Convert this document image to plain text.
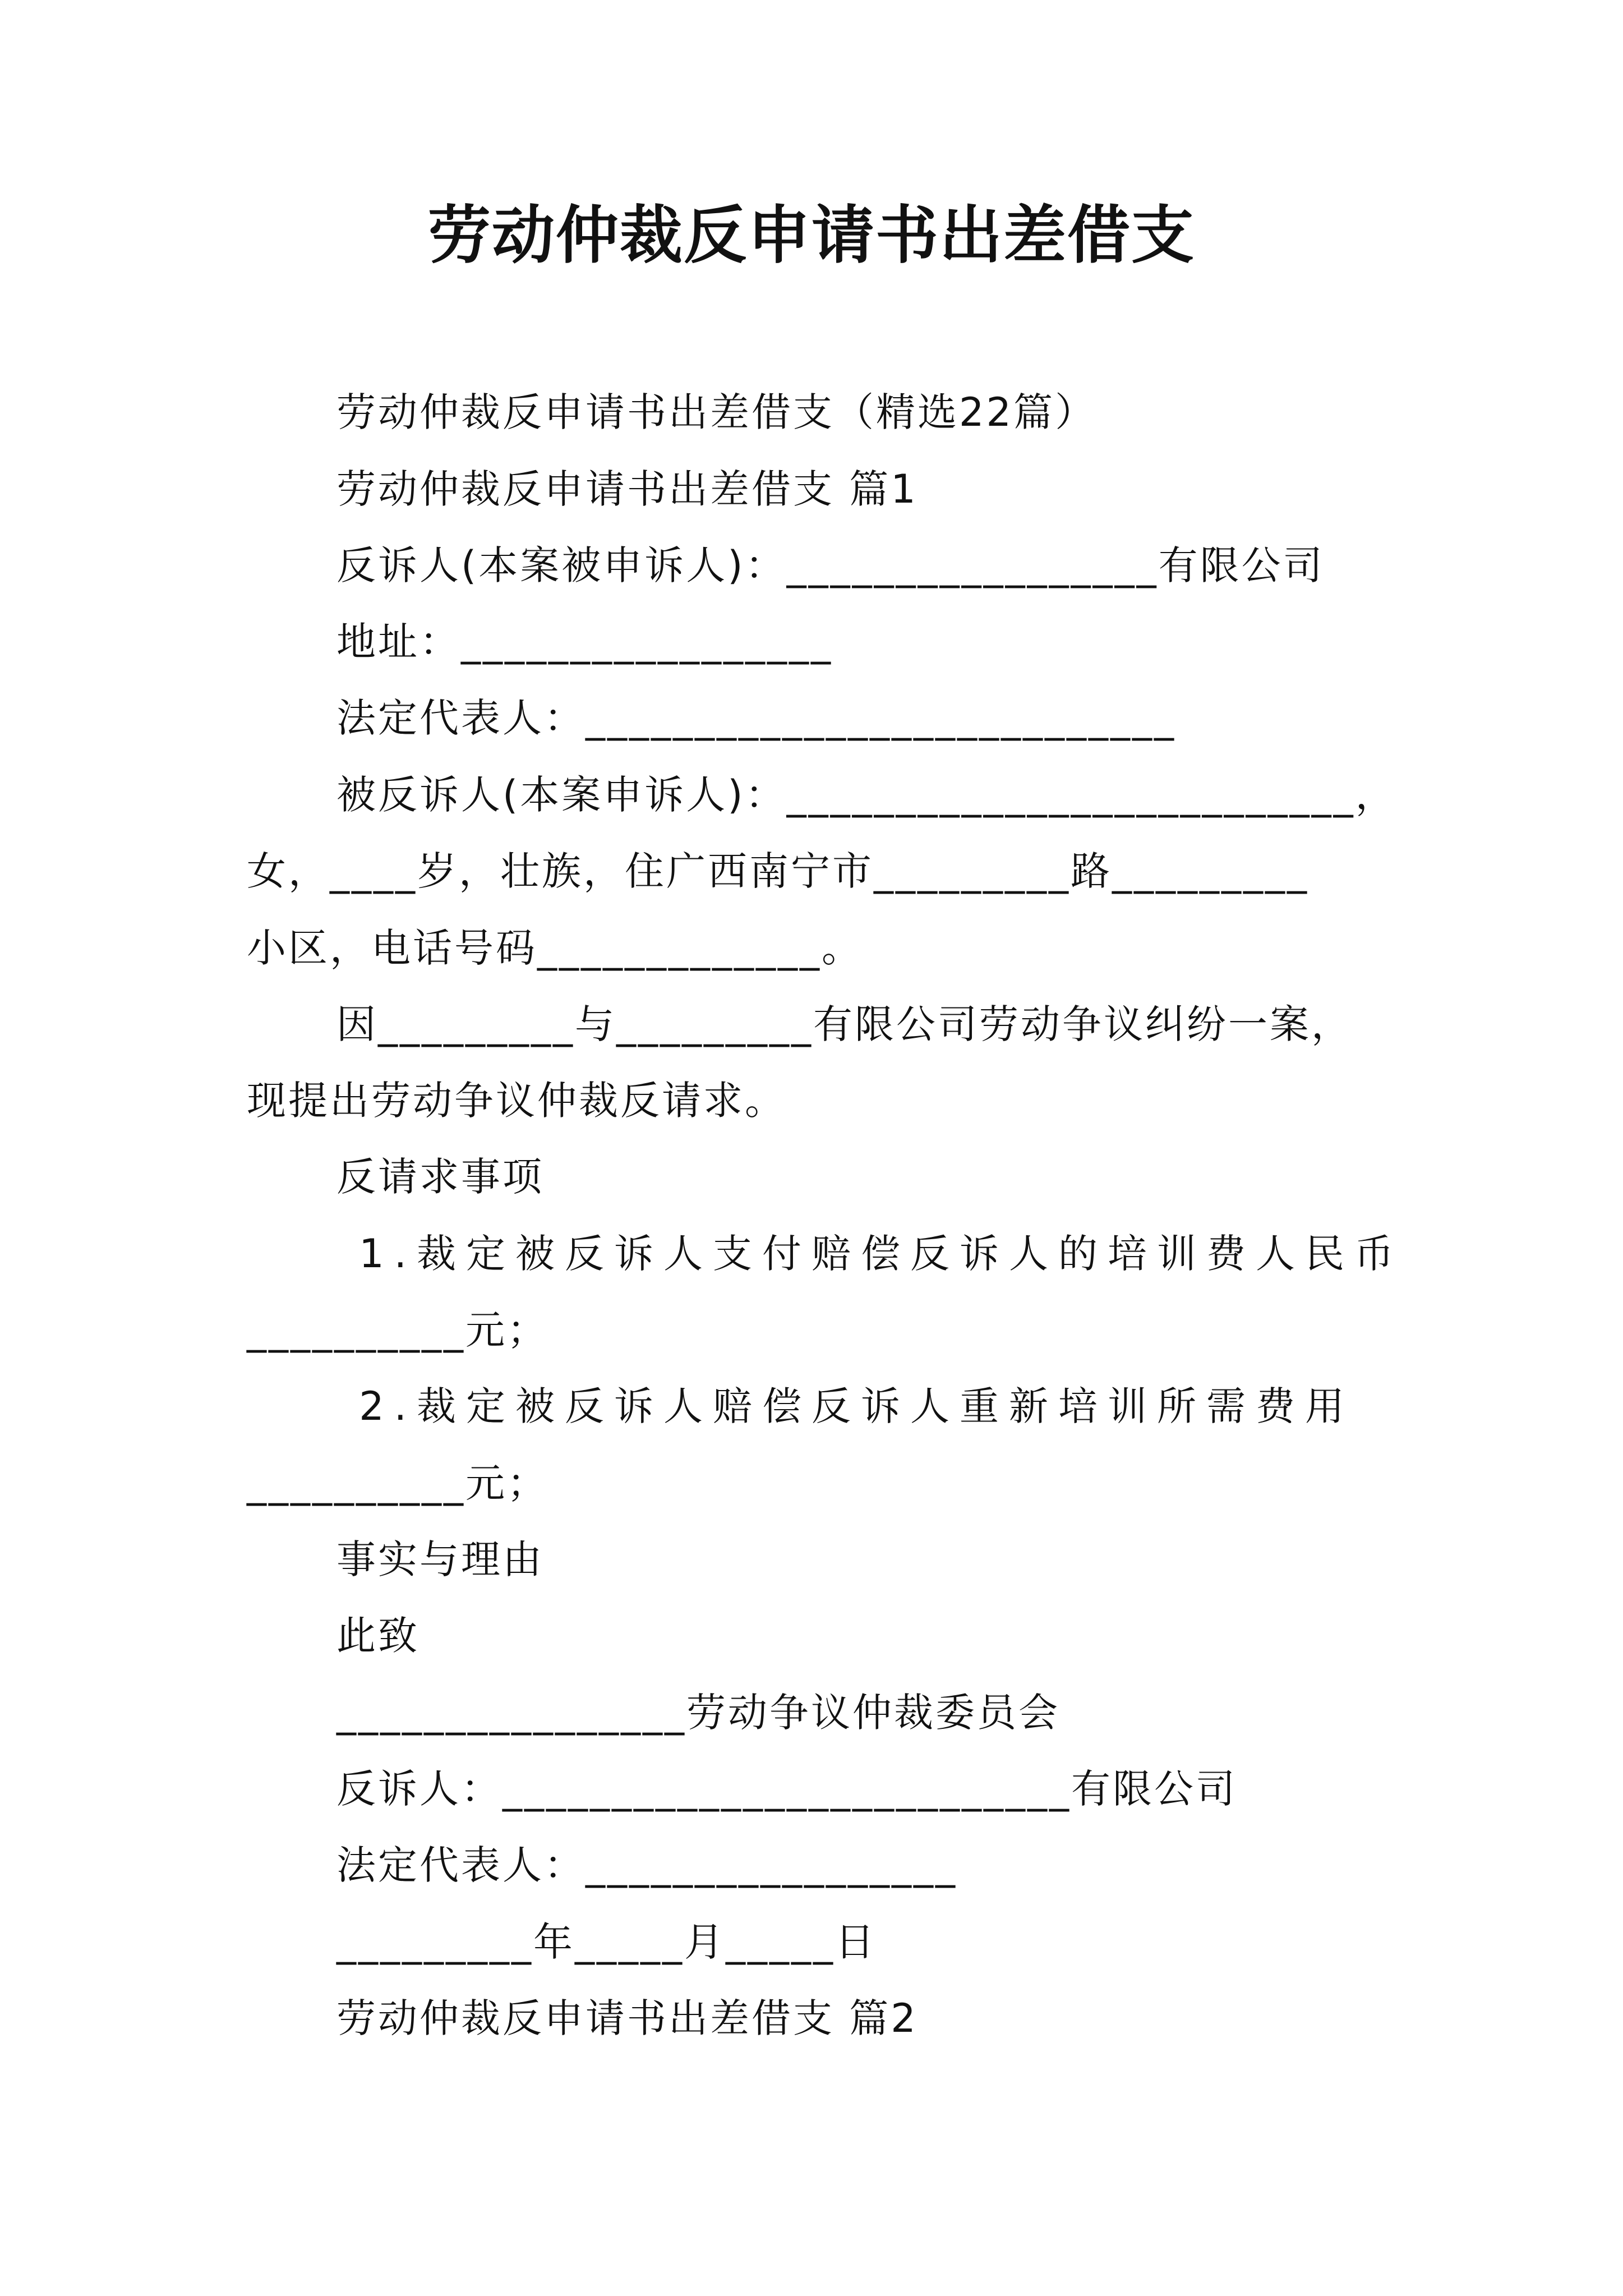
劳动仲裁反申请书出差借支
劳动仲裁反申请书出差借支（精选22篇）
劳动仲裁反申请书出差借支 篇1
反诉人(本案被申诉人)：_________________有限公司
地址：_________________
法定代表人：___________________________
被反诉人(本案申诉人)：__________________________，
女，____岁，壮族，住广西南宁市_________路_________
小区，电话号码_____________。
因_________与_________有限公司劳动争议纠纷一案，
现提出劳动争议仲裁反请求。
反请求事项
1.裁定被反诉人支付赔偿反诉人的培训费人民币
__________元；
2.裁定被反诉人赔偿反诉人重新培训所需费用
__________元；
事实与理由
此致
________________劳动争议仲裁委员会
反诉人：__________________________有限公司
法定代表人：_________________
_________年_____月_____日
劳动仲裁反申请书出差借支 篇2
